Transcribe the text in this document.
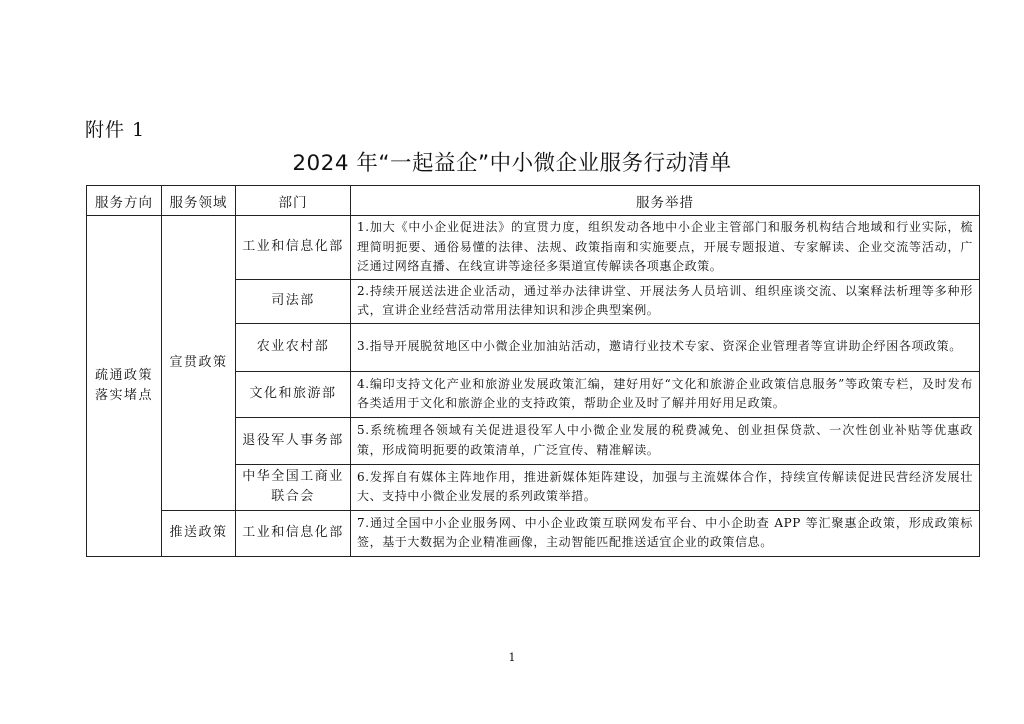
附件 1
2024 年“一起益企”中小微企业服务行动清单
服务方向	服务领域	部门	服务举措
疏通政策落实堵点	宣贯政策	工业和信息化部	1.加大《中小企业促进法》的宣贯力度，组织发动各地中小企业主管部门和服务机构结合地域和行业实际，梳理简明扼要、通俗易懂的法律、法规、政策指南和实施要点，开展专题报道、专家解读、企业交流等活动，广泛通过网络直播、在线宣讲等途径多渠道宣传解读各项惠企政策。
		司法部	2.持续开展送法进企业活动，通过举办法律讲堂、开展法务人员培训、组织座谈交流、以案释法析理等多种形式，宣讲企业经营活动常用法律知识和涉企典型案例。
		农业农村部	3.指导开展脱贫地区中小微企业加油站活动，邀请行业技术专家、资深企业管理者等宣讲助企纾困各项政策。
		文化和旅游部	4.编印支持文化产业和旅游业发展政策汇编，建好用好“文化和旅游企业政策信息服务”等政策专栏，及时发布各类适用于文化和旅游企业的支持政策，帮助企业及时了解并用好用足政策。
		退役军人事务部	5.系统梳理各领域有关促进退役军人中小微企业发展的税费减免、创业担保贷款、一次性创业补贴等优惠政策，形成简明扼要的政策清单，广泛宣传、精准解读。
		中华全国工商业联合会	6.发挥自有媒体主阵地作用，推进新媒体矩阵建设，加强与主流媒体合作，持续宣传解读促进民营经济发展壮大、支持中小微企业发展的系列政策举措。
	推送政策	工业和信息化部	7.通过全国中小企业服务网、中小企业政策互联网发布平台、中小企助查 APP 等汇聚惠企政策，形成政策标签，基于大数据为企业精准画像，主动智能匹配推送适宜企业的政策信息。
1
